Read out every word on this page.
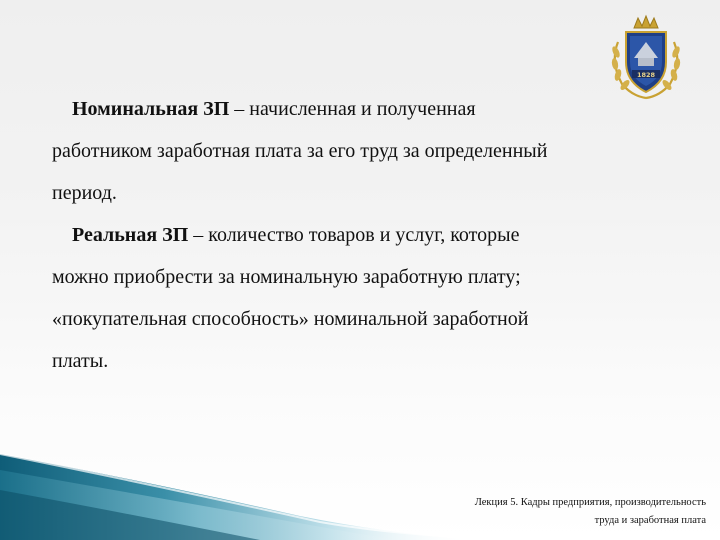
1828
Номинальная ЗП – начисленная и полученная
работником заработная плата за его труд за определенный
период.
Реальная ЗП – количество товаров и услуг, которые
можно приобрести за номинальную заработную плату;
«покупательная способность» номинальной заработной
платы.
Лекция 5. Кадры предприятия, производительность
труда и заработная плата
